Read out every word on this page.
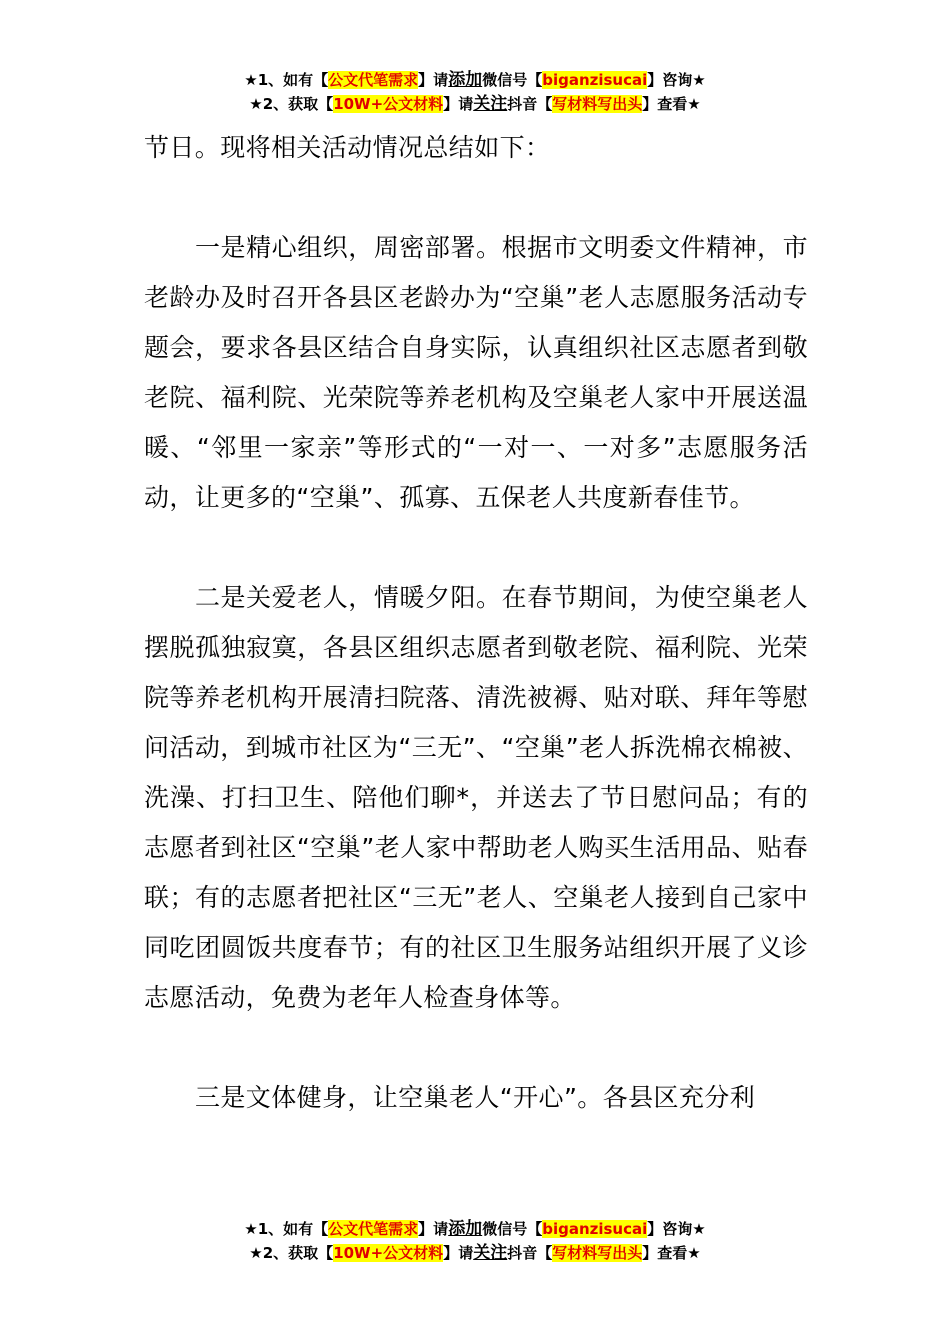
★1、如有【公文代笔需求】请添加微信号【biganzisucai】咨询★
★2、获取【10W+公文材料】请关注抖音【写材料写出头】查看★

节日。现将相关活动情况总结如下：

一是精心组织，周密部署。根据市文明委文件精神，市老龄办及时召开各县区老龄办为“空巢”老人志愿服务活动专题会，要求各县区结合自身实际，认真组织社区志愿者到敬老院、福利院、光荣院等养老机构及空巢老人家中开展送温暖、“邻里一家亲”等形式的“一对一、一对多”志愿服务活动，让更多的“空巢”、孤寡、五保老人共度新春佳节。

二是关爱老人，情暖夕阳。在春节期间，为使空巢老人摆脱孤独寂寞，各县区组织志愿者到敬老院、福利院、光荣院等养老机构开展清扫院落、清洗被褥、贴对联、拜年等慰问活动，到城市社区为“三无”、“空巢”老人拆洗棉衣棉被、洗澡、打扫卫生、陪他们聊*，并送去了节日慰问品；有的志愿者到社区“空巢”老人家中帮助老人购买生活用品、贴春联；有的志愿者把社区“三无”老人、空巢老人接到自己家中同吃团圆饭共度春节；有的社区卫生服务站组织开展了义诊志愿活动，免费为老年人检查身体等。

三是文体健身，让空巢老人“开心”。各县区充分利

★1、如有【公文代笔需求】请添加微信号【biganzisucai】咨询★
★2、获取【10W+公文材料】请关注抖音【写材料写出头】查看★
